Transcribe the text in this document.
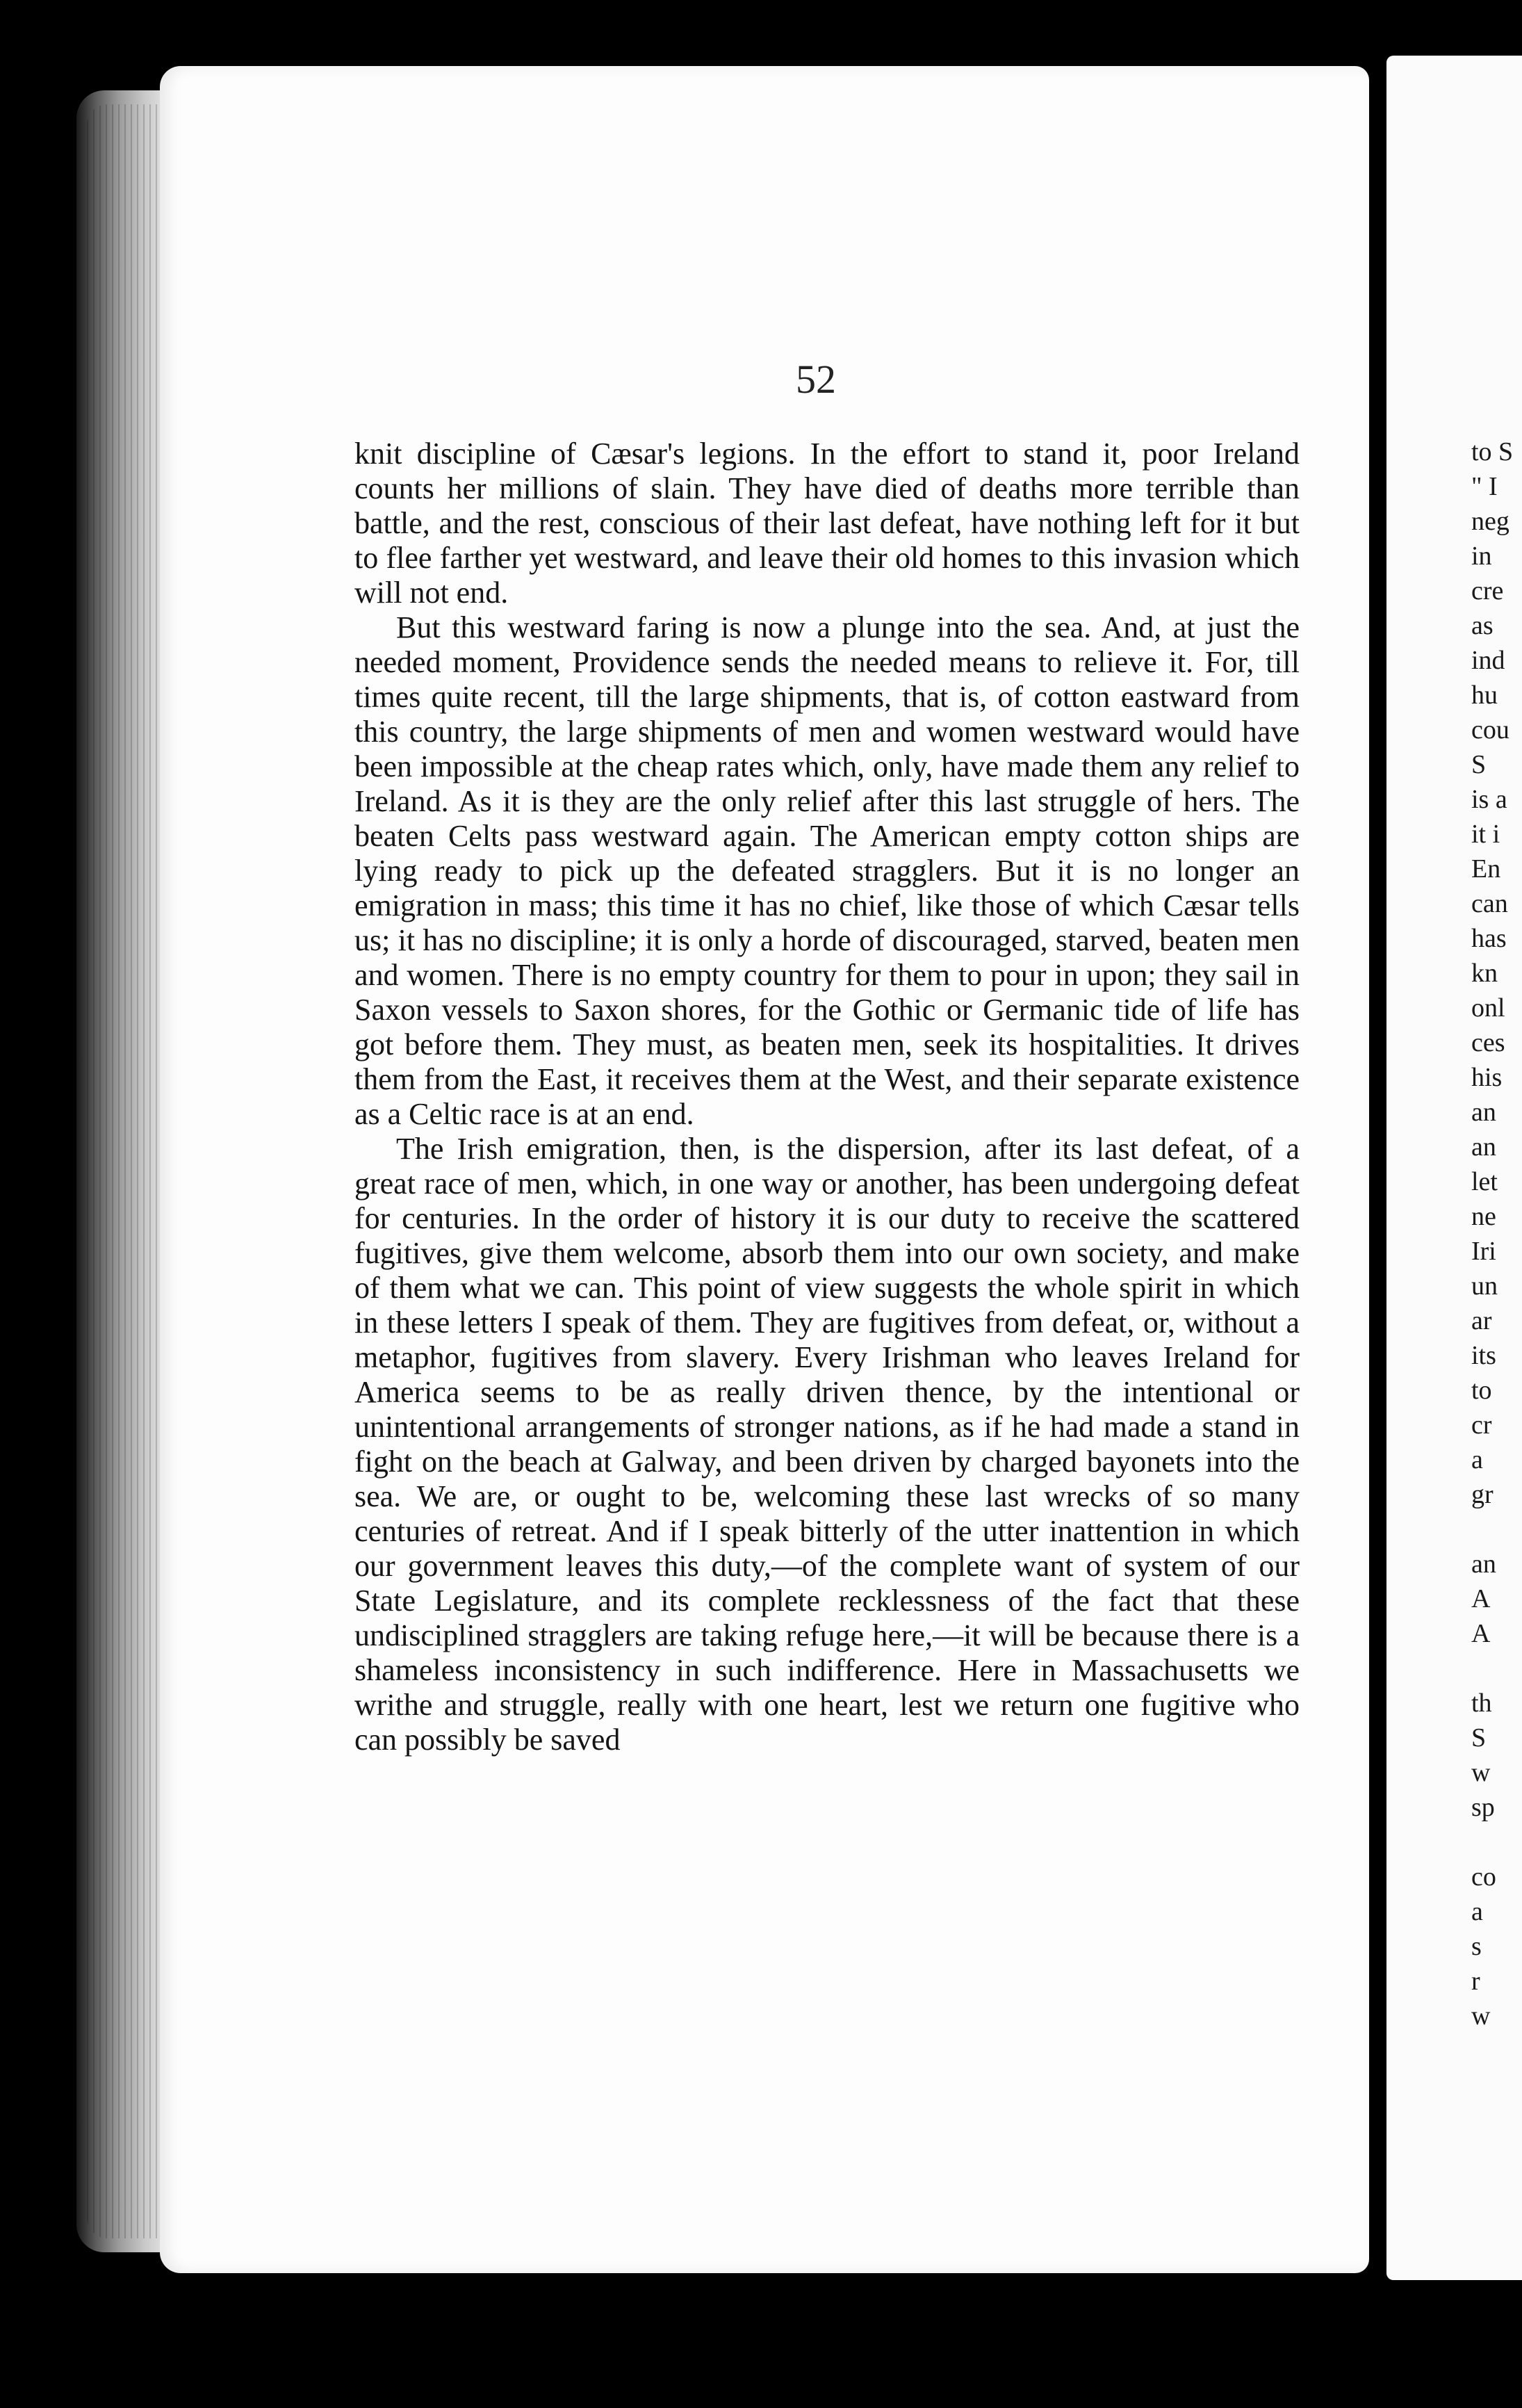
to S
" I
neg
in
cre
as
ind
hu
cou
S
is a
it i
En
can
has
kn
onl
ces
his
an
an
let
ne
Iri
un
ar
its
to
cr
a
gr
an
A
A
th
S
w
sp
co
a
s
r
w
52

knit discipline of Cæsar's legions. In the effort to stand it, poor Ireland counts her millions of slain. They have died of deaths more terrible than battle, and the rest, conscious of their last defeat, have nothing left for it but to flee farther yet westward, and leave their old homes to this invasion which will not end.

But this westward faring is now a plunge into the sea. And, at just the needed moment, Providence sends the needed means to relieve it. For, till times quite recent, till the large shipments, that is, of cotton eastward from this country, the large shipments of men and women westward would have been impossible at the cheap rates which, only, have made them any relief to Ireland. As it is they are the only relief after this last struggle of hers. The beaten Celts pass westward again. The American empty cotton ships are lying ready to pick up the defeated stragglers. But it is no longer an emigration in mass; this time it has no chief, like those of which Cæsar tells us; it has no discipline; it is only a horde of discouraged, starved, beaten men and women. There is no empty country for them to pour in upon; they sail in Saxon vessels to Saxon shores, for the Gothic or Germanic tide of life has got before them. They must, as beaten men, seek its hospitalities. It drives them from the East, it receives them at the West, and their separate existence as a Celtic race is at an end.

The Irish emigration, then, is the dispersion, after its last defeat, of a great race of men, which, in one way or another, has been undergoing defeat for centuries. In the order of history it is our duty to receive the scattered fugitives, give them welcome, absorb them into our own society, and make of them what we can. This point of view suggests the whole spirit in which in these letters I speak of them. They are fugitives from defeat, or, without a metaphor, fugitives from slavery. Every Irishman who leaves Ireland for America seems to be as really driven thence, by the intentional or unintentional arrangements of stronger nations, as if he had made a stand in fight on the beach at Galway, and been driven by charged bayonets into the sea. We are, or ought to be, welcoming these last wrecks of so many centuries of retreat. And if I speak bitterly of the utter inattention in which our government leaves this duty,—of the complete want of system of our State Legislature, and its complete recklessness of the fact that these undisciplined stragglers are taking refuge here,—it will be because there is a shameless inconsistency in such indifference. Here in Massachusetts we writhe and struggle, really with one heart, lest we return one fugitive who can possibly be saved
